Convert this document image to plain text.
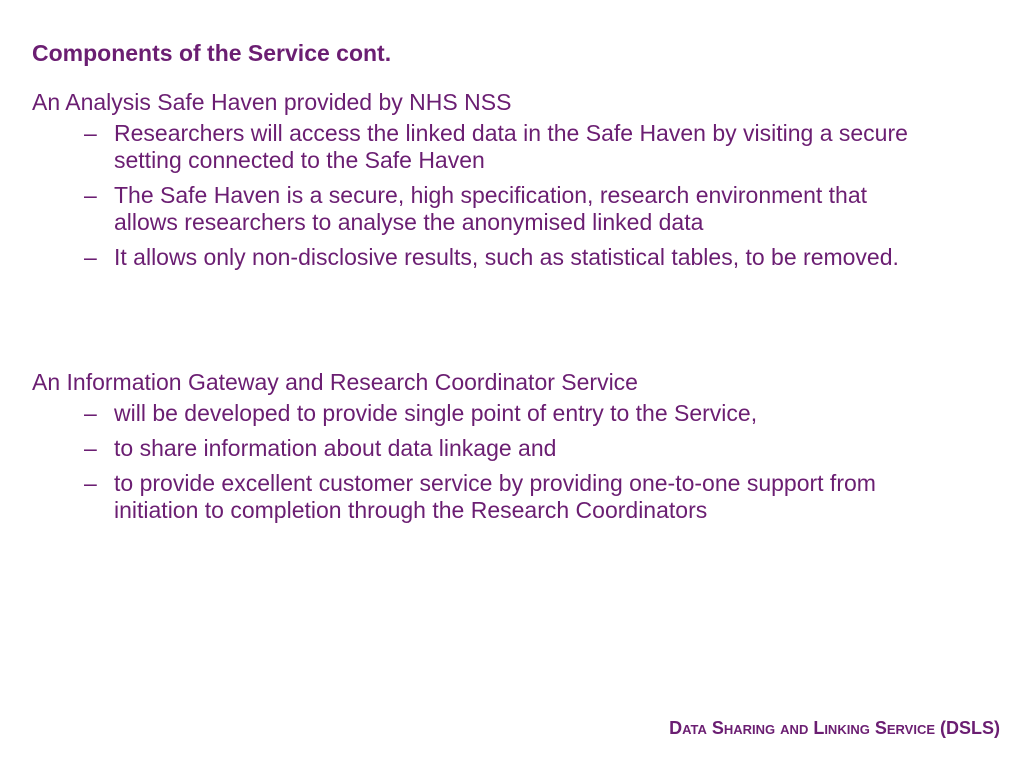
Components of the Service cont.

An Analysis Safe Haven provided by NHS NSS

– Researchers will access the linked data in the Safe Haven by visiting a secure setting connected to the Safe Haven
– The Safe Haven is a secure, high specification, research environment that allows researchers to analyse the anonymised linked data
– It allows only non-disclosive results, such as statistical tables, to be removed.

An Information Gateway and Research Coordinator Service

– will be developed to provide single point of entry to the Service,
– to share information about data linkage and
– to provide excellent customer service by providing one-to-one support from initiation to completion through the Research Coordinators
Data Sharing and Linking Service (DSLS)
